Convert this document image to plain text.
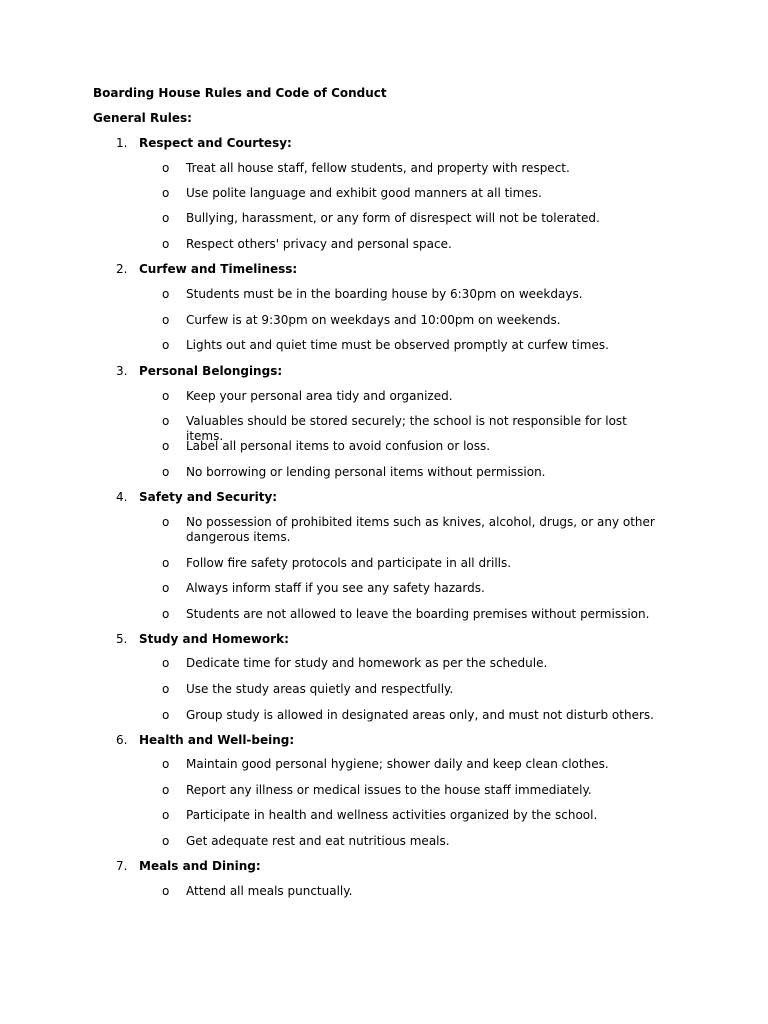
Boarding House Rules and Code of Conduct
General Rules:
1. Respect and Courtesy:
o Treat all house staff, fellow students, and property with respect.
o Use polite language and exhibit good manners at all times.
o Bullying, harassment, or any form of disrespect will not be tolerated.
o Respect others' privacy and personal space.
2. Curfew and Timeliness:
o Students must be in the boarding house by 6:30pm on weekdays.
o Curfew is at 9:30pm on weekdays and 10:00pm on weekends.
o Lights out and quiet time must be observed promptly at curfew times.
3. Personal Belongings:
o Keep your personal area tidy and organized.
o Valuables should be stored securely; the school is not responsible for lost items.
o Label all personal items to avoid confusion or loss.
o No borrowing or lending personal items without permission.
4. Safety and Security:
o No possession of prohibited items such as knives, alcohol, drugs, or any other dangerous items.
o Follow fire safety protocols and participate in all drills.
o Always inform staff if you see any safety hazards.
o Students are not allowed to leave the boarding premises without permission.
5. Study and Homework:
o Dedicate time for study and homework as per the schedule.
o Use the study areas quietly and respectfully.
o Group study is allowed in designated areas only, and must not disturb others.
6. Health and Well-being:
o Maintain good personal hygiene; shower daily and keep clean clothes.
o Report any illness or medical issues to the house staff immediately.
o Participate in health and wellness activities organized by the school.
o Get adequate rest and eat nutritious meals.
7. Meals and Dining:
o Attend all meals punctually.
